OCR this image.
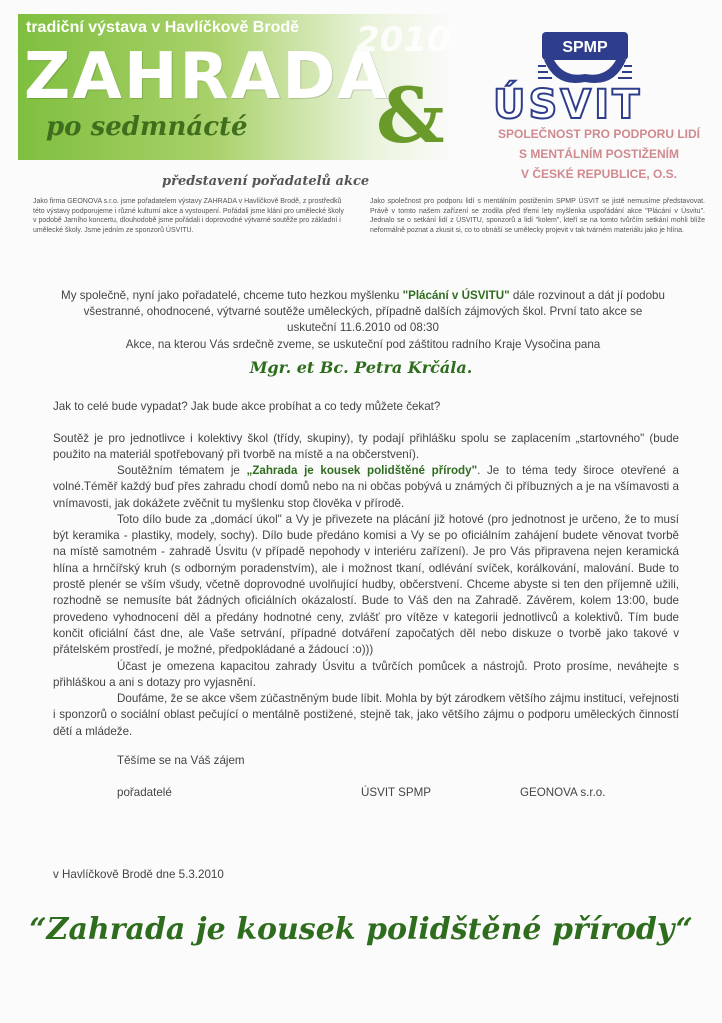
tradiční výstava v Havlíčkově Brodě 2010
ZAHRADA
po sedmnácté &
SPMP
ÚSVIT
SPOLEČNOST PRO PODPORU LIDÍ
S MENTÁLNÍM POSTIŽENÍM
V ČESKÉ REPUBLICE, O.S.
představení pořadatelů akce
Jako firma GEONOVA s.r.o. jsme pořadatelem výstavy ZAHRADA v Havlíčkově Brodě, z prostředků této výstavy podporujeme i různé kulturní akce a vystoupení. Pořádali jsme klání pro umělecké školy v podobě Jarního koncertu, dlouhodobě jsme pořádali i doprovodné výtvarné soutěže pro základní i umělecké školy. Jsme jedním ze sponzorů ÚSVITU.
Jako společnost pro podporu lidí s mentálním postižením SPMP ÚSVIT se jistě nemusíme představovat. Právě v tomto našem zařízení se zrodila před třemi lety myšlenka uspořádání akce "Plácání v Úsvitu". Jednalo se o setkání lidí z ÚSVITU, sponzorů a lidí "kolem", kteří se na tomto tvůrčím setkání mohli blíže neformálně poznat a zkusit si, co to obnáší se umělecky projevit v tak tvárném materiálu jako je hlína.
My společně, nyní jako pořadatelé, chceme tuto hezkou myšlenku "Plácání v ÚSVITU" dále rozvinout a dát jí podobu všestranné, ohodnocené, výtvarné soutěže uměleckých, případně dalších zájmových škol. První tato akce se uskuteční 11.6.2010 od 08:30
Akce, na kterou Vás srdečně zveme, se uskuteční pod záštitou radního Kraje Vysočina pana
Mgr. et Bc. Petra Krčála.
Jak to celé bude vypadat? Jak bude akce probíhat a co tedy můžete čekat?
Soutěž je pro jednotlivce i kolektivy škol (třídy, skupiny), ty podají přihlášku spolu se zaplacením „startovného" (bude použito na materiál spotřebovaný při tvorbě na místě a na občerstvení).
Soutěžním tématem je „Zahrada je kousek polidštěné přírody". Je to téma tedy široce otevřené a volné.Téměř každý buď přes zahradu chodí domů nebo na ni občas pobývá u známých či příbuzných a je na všímavosti a vnímavosti, jak dokážete zvěčnit tu myšlenku stop člověka v přírodě.
Toto dílo bude za „domácí úkol" a Vy je přivezete na plácání již hotové (pro jednotnost je určeno, že to musí být keramika - plastiky, modely, sochy). Dílo bude předáno komisi a Vy se po oficiálním zahájení budete věnovat tvorbě na místě samotném - zahradě Úsvitu (v případě nepohody v interiéru zařízení). Je pro Vás připravena nejen keramická hlína a hrnčířský kruh (s odborným poradenstvím), ale i možnost tkaní, odlévání svíček, korálkování, malování. Bude to prostě plenér se vším všudy, včetně doprovodné uvolňující hudby, občerstvení. Chceme abyste si ten den příjemně užili, rozhodně se nemusíte bát žádných oficiálních okázalostí. Bude to Váš den na Zahradě. Závěrem, kolem 13:00, bude provedeno vyhodnocení děl a předány hodnotné ceny, zvlášť pro vítěze v kategorii jednotlivců a kolektivů. Tím bude končit oficiální část dne, ale Vaše setrvání, případné dotváření započatých děl nebo diskuze o tvorbě jako takové v přátelském prostředí, je možné, předpokládané a žádoucí :o)))
Účast je omezena kapacitou zahrady Úsvitu a tvůrčích pomůcek a nástrojů. Proto prosíme, neváhejte s přihláškou a ani s dotazy pro vyjasnění.
Doufáme, že se akce všem zúčastněným bude líbit. Mohla by být zárodkem většího zájmu institucí, veřejnosti i sponzorů o sociální oblast pečující o mentálně postižené, stejně tak, jako většího zájmu o podporu uměleckých činností dětí a mládeže.
Těšíme se na Váš zájem
pořadatelé	ÚSVIT SPMP	GEONOVA s.r.o.
v Havlíčkově Brodě dne 5.3.2010
“Zahrada je kousek polidštěné přírody“
